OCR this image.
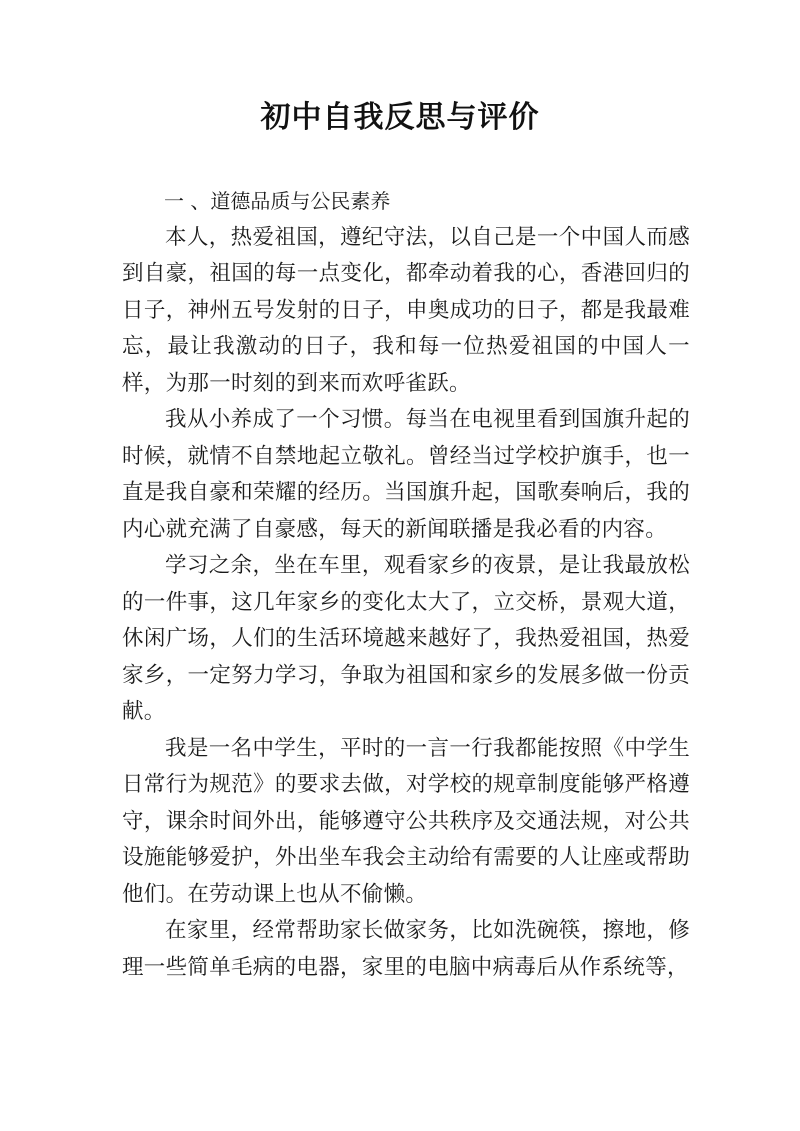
初中自我反思与评价

一 、道德品质与公民素养

本人，热爱祖国，遵纪守法，以自己是一个中国人而感到自豪，祖国的每一点变化，都牵动着我的心，香港回归的日子，神州五号发射的日子，申奥成功的日子，都是我最难忘，最让我激动的日子，我和每一位热爱祖国的中国人一样，为那一时刻的到来而欢呼雀跃。

我从小养成了一个习惯。每当在电视里看到国旗升起的时候，就情不自禁地起立敬礼。曾经当过学校护旗手，也一直是我自豪和荣耀的经历。当国旗升起，国歌奏响后，我的内心就充满了自豪感，每天的新闻联播是我必看的内容。

学习之余，坐在车里，观看家乡的夜景，是让我最放松的一件事，这几年家乡的变化太大了，立交桥，景观大道，休闲广场，人们的生活环境越来越好了，我热爱祖国，热爱家乡，一定努力学习，争取为祖国和家乡的发展多做一份贡献。

我是一名中学生，平时的一言一行我都能按照《中学生日常行为规范》的要求去做，对学校的规章制度能够严格遵守，课余时间外出，能够遵守公共秩序及交通法规，对公共设施能够爱护，外出坐车我会主动给有需要的人让座或帮助他们。在劳动课上也从不偷懒。

在家里，经常帮助家长做家务，比如洗碗筷，擦地，修理一些简单毛病的电器，家里的电脑中病毒后从作系统等，
